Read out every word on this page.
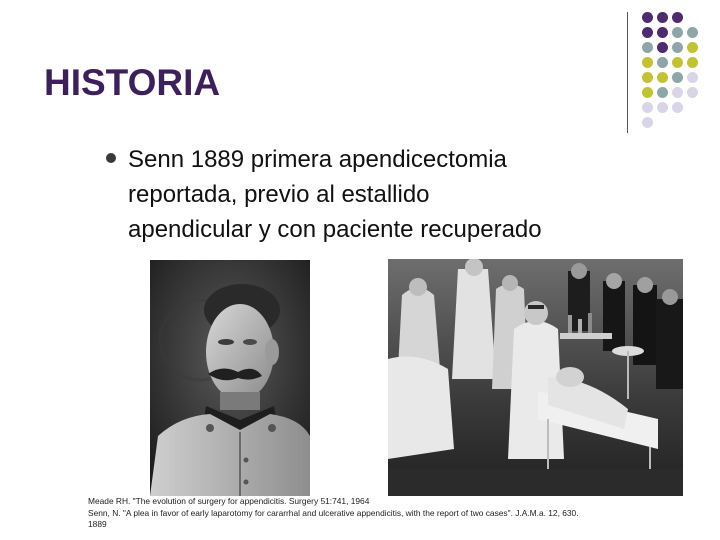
HISTORIA
Senn 1889 primera apendicectomia
reportada, previo al estallido
apendicular y con paciente recuperado
Meade RH. "The evolution of surgery for appendicitis. Surgery 51:741, 1964
Senn, N. "A plea in favor of early laparotomy for cararrhal and ulcerative appendicitis, with the report of two cases". J.A.M.a. 12, 630.
1889
